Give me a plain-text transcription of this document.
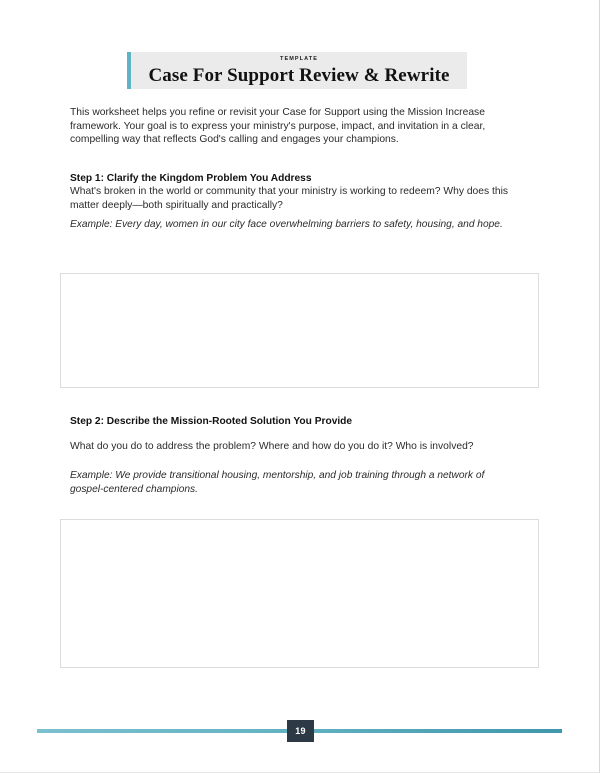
TEMPLATE
Case For Support Review & Rewrite

This worksheet helps you refine or revisit your Case for Support using the Mission Increase framework. Your goal is to express your ministry's purpose, impact, and invitation in a clear, compelling way that reflects God's calling and engages your champions.

Step 1: Clarify the Kingdom Problem You Address

What's broken in the world or community that your ministry is working to redeem? Why does this matter deeply—both spiritually and practically?

Example: Every day, women in our city face overwhelming barriers to safety, housing, and hope.

Step 2: Describe the Mission-Rooted Solution You Provide

What do you do to address the problem? Where and how do you do it? Who is involved?

Example: We provide transitional housing, mentorship, and job training through a network of gospel-centered champions.

19
